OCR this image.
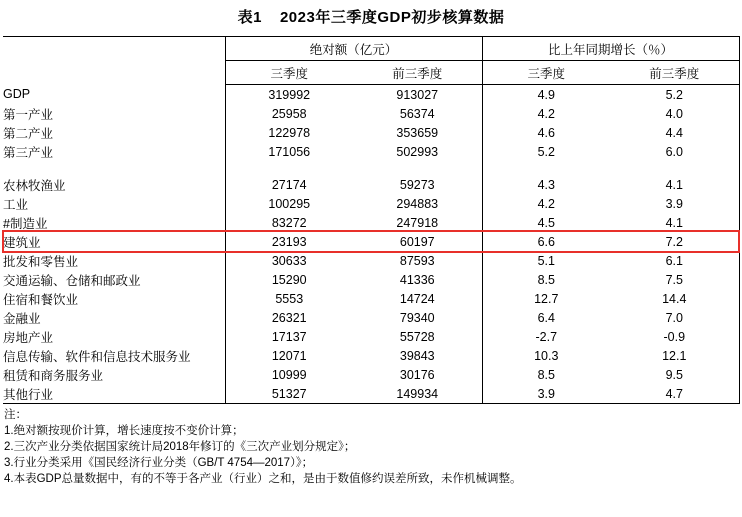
表1 2023年三季度GDP初步核算数据
	绝对额（亿元）		比上年同期增长（％）	
	三季度	前三季度	三季度	前三季度
GDP	319992	913027	4.9	5.2
第一产业	25958	56374	4.2	4.0
第二产业	122978	353659	4.6	4.4
第三产业	171056	502993	5.2	6.0

农林牧渔业	27174	59273	4.3	4.1
工业	100295	294883	4.2	3.9
#制造业	83272	247918	4.5	4.1
建筑业	23193	60197	6.6	7.2
批发和零售业	30633	87593	5.1	6.1
交通运输、仓储和邮政业	15290	41336	8.5	7.5
住宿和餐饮业	5553	14724	12.7	14.4
金融业	26321	79340	6.4	7.0
房地产业	17137	55728	-2.7	-0.9
信息传输、软件和信息技术服务业	12071	39843	10.3	12.1
租赁和商务服务业	10999	30176	8.5	9.5
其他行业	51327	149934	3.9	4.7
注：
1.绝对额按现价计算，增长速度按不变价计算；
2.三次产业分类依据国家统计局2018年修订的《三次产业划分规定》；
3.行业分类采用《国民经济行业分类（GB/T 4754—2017）》；
4.本表GDP总量数据中，有的不等于各产业（行业）之和，是由于数值修约误差所致，未作机械调整。
